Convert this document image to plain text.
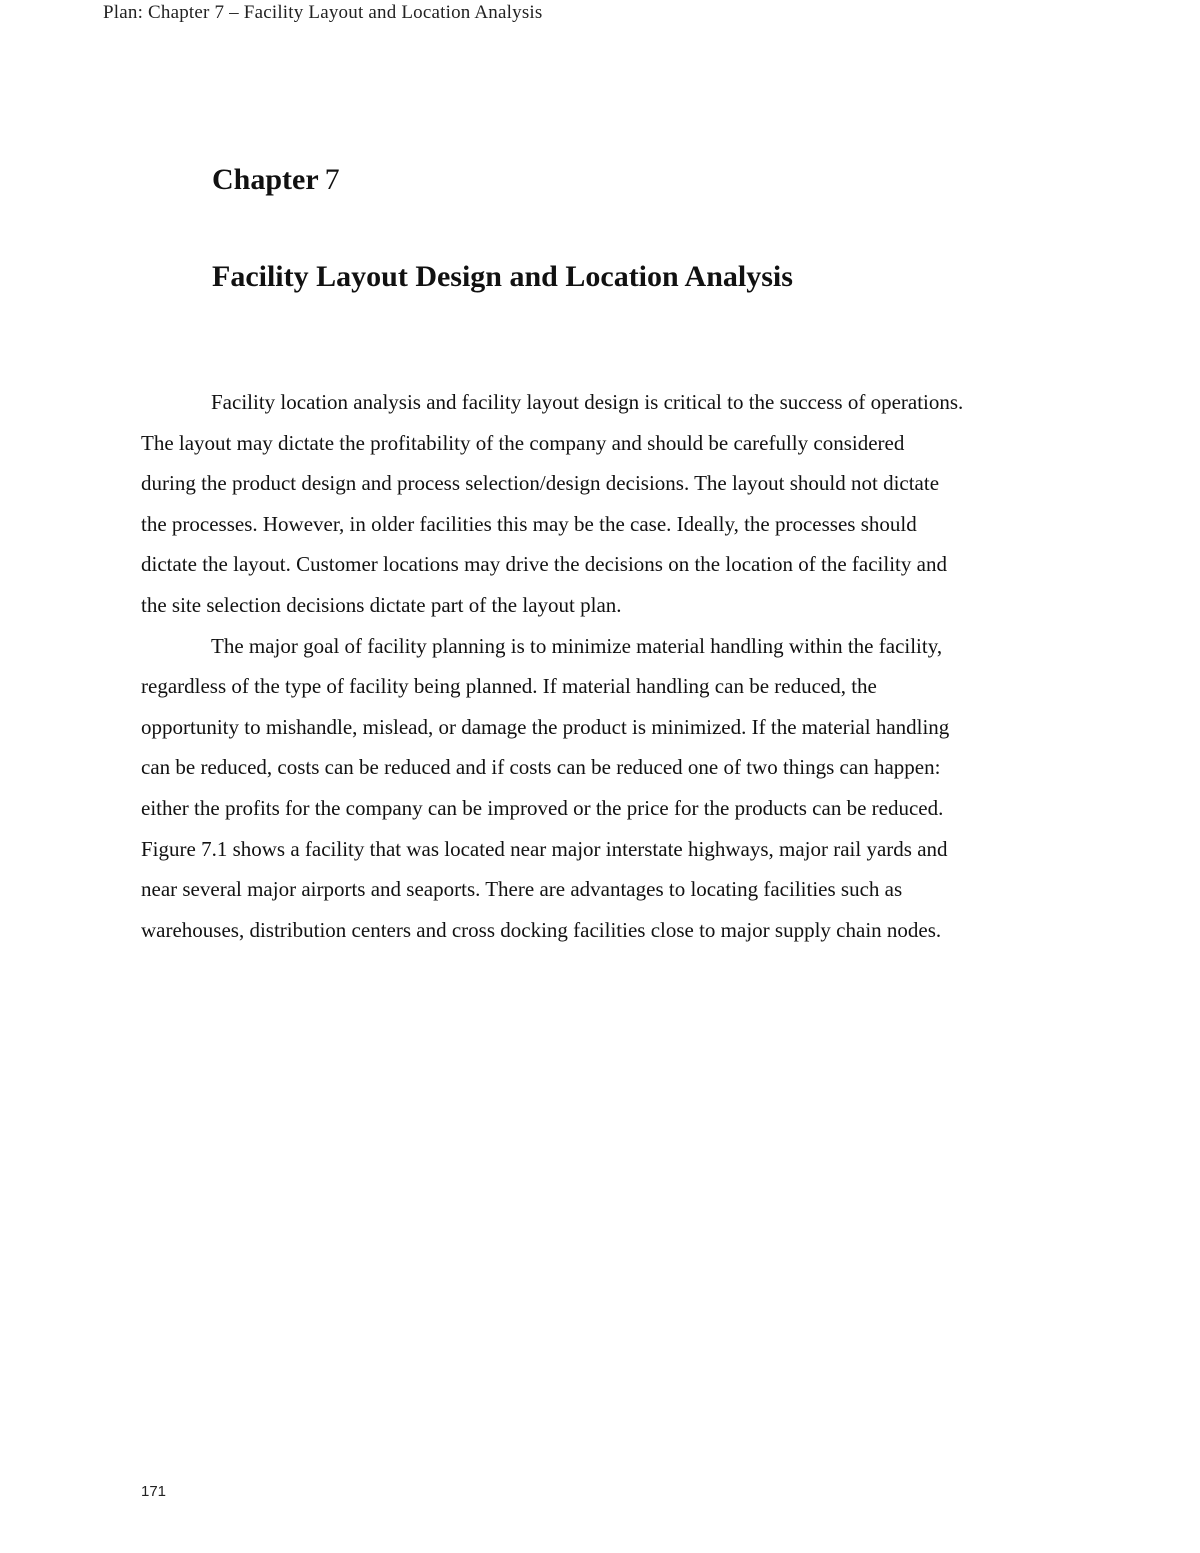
Plan: Chapter 7 – Facility Layout and Location Analysis
Chapter 7
Facility Layout Design and Location Analysis
Facility location analysis and facility layout design is critical to the success of operations.
The layout may dictate the profitability of the company and should be carefully considered
during the product design and process selection/design decisions. The layout should not dictate
the processes. However, in older facilities this may be the case. Ideally, the processes should
dictate the layout. Customer locations may drive the decisions on the location of the facility and
the site selection decisions dictate part of the layout plan.
The major goal of facility planning is to minimize material handling within the facility,
regardless of the type of facility being planned. If material handling can be reduced, the
opportunity to mishandle, mislead, or damage the product is minimized. If the material handling
can be reduced, costs can be reduced and if costs can be reduced one of two things can happen:
either the profits for the company can be improved or the price for the products can be reduced.
Figure 7.1 shows a facility that was located near major interstate highways, major rail yards and
near several major airports and seaports. There are advantages to locating facilities such as
warehouses, distribution centers and cross docking facilities close to major supply chain nodes.
171
